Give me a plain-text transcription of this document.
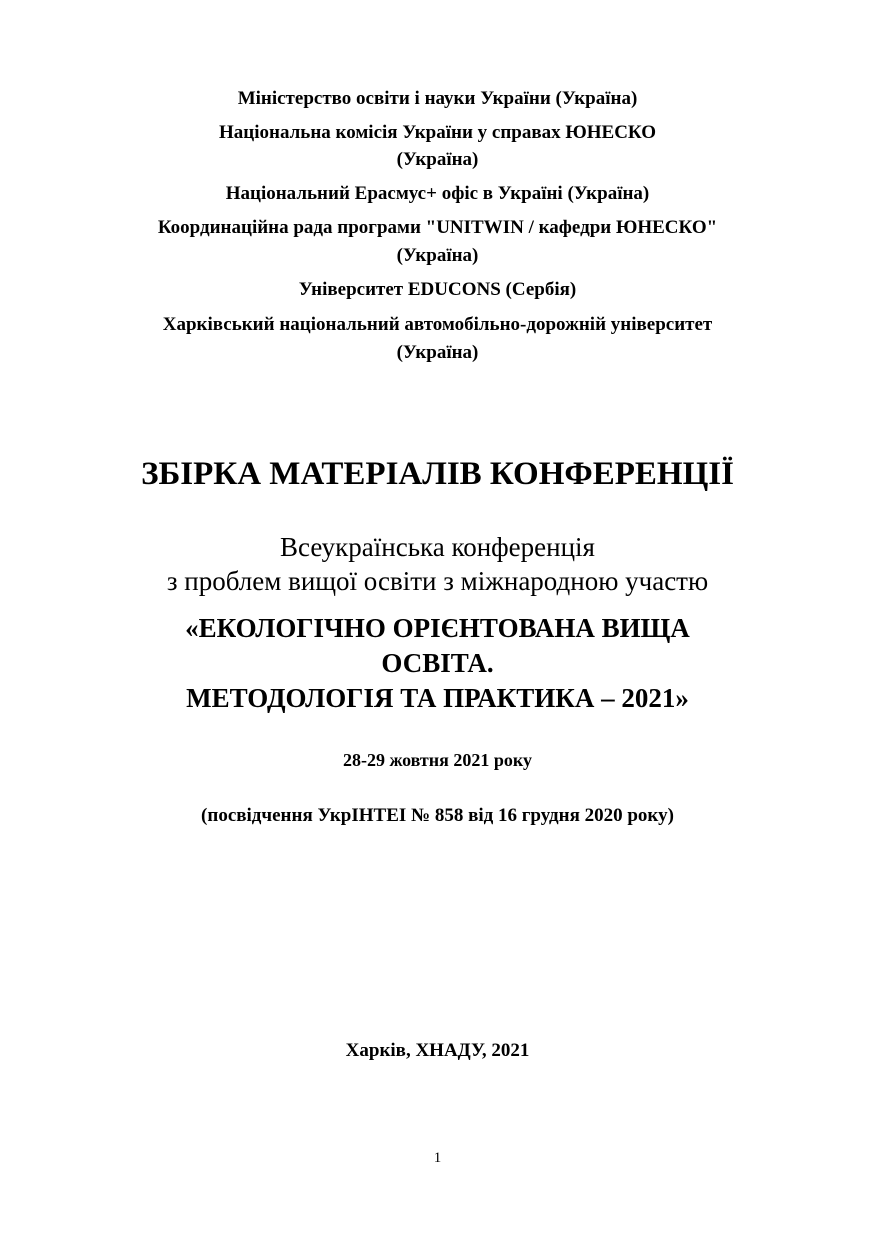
Міністерство освіти і науки України (Україна)
Національна комісія України у справах ЮНЕСКО
(Україна)
Національний Ерасмус+ офіс в Україні (Україна)
Координаційна рада програми "UNITWIN / кафедри ЮНЕСКО"
(Україна)
Університет EDUCONS (Сербія)
Харківський національний автомобільно-дорожній університет
(Україна)
ЗБІРКА МАТЕРІАЛІВ КОНФЕРЕНЦІЇ
Всеукраїнська конференція
з проблем вищої освіти з міжнародною участю
«ЕКОЛОГІЧНО ОРІЄНТОВАНА ВИЩА
ОСВІТА.
МЕТОДОЛОГІЯ ТА ПРАКТИКА – 2021»
28-29 жовтня 2021 року
(посвідчення УкрІНТЕІ № 858 від 16 грудня 2020 року)
Харків, ХНАДУ, 2021
1
